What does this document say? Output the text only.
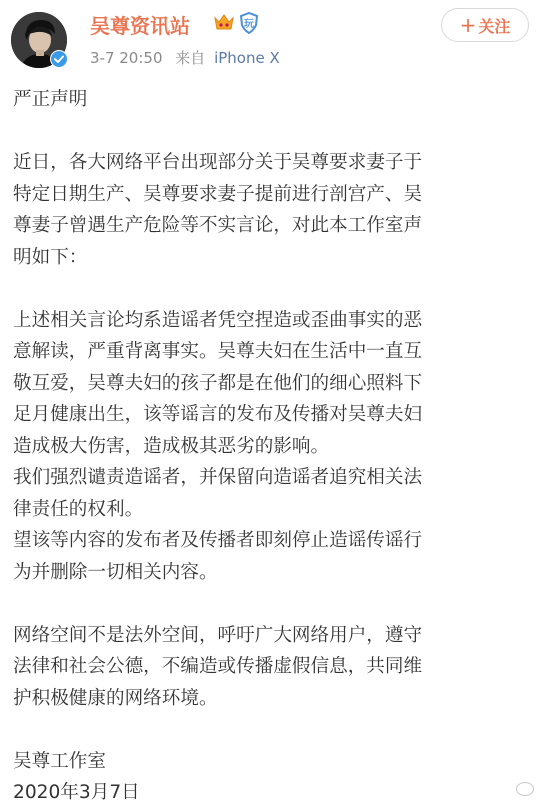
吴尊资讯站	玩
3-7 20:50 来自 iPhone X
+ 关注

严正声明

近日，各大网络平台出现部分关于吴尊要求妻子于

特定日期生产、吴尊要求妻子提前进行剖宫产、吴

尊妻子曾遇生产危险等不实言论，对此本工作室声

明如下：

上述相关言论均系造谣者凭空捏造或歪曲事实的恶

意解读，严重背离事实。吴尊夫妇在生活中一直互

敬互爱，吴尊夫妇的孩子都是在他们的细心照料下

足月健康出生，该等谣言的发布及传播对吴尊夫妇

造成极大伤害，造成极其恶劣的影响。

我们强烈谴责造谣者，并保留向造谣者追究相关法

律责任的权利。

望该等内容的发布者及传播者即刻停止造谣传谣行

为并删除一切相关内容。

网络空间不是法外空间，呼吁广大网络用户，遵守

法律和社会公德，不编造或传播虚假信息，共同维

护积极健康的网络环境。

吴尊工作室

2020年3月7日
